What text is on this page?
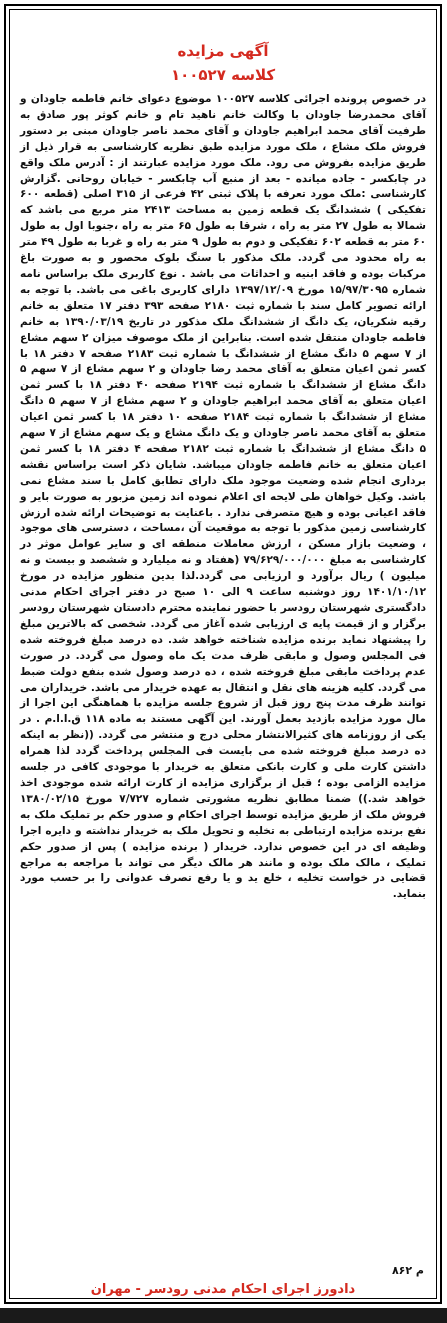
آگهی مزایده
کلاسه ۱۰۰۵۲۷
در خصوص پرونده اجرائی کلاسه ۱۰۰۵۲۷ موضوع دعوای خانم فاطمه جاودان و آقای محمدرضا جاودان با وکالت خانم ناهید تام و خانم کوثر پور صادق به طرفیت آقای محمد ابراهیم جاودان و آقای محمد ناصر جاودان مبنی بر دستور فروش ملک مشاع ، ملک مورد مزایده طبق نظریه کارشناسی به قرار ذیل از طریق مزایده بفروش می رود. ملک مورد مزایده عبارتند از : آدرس ملک واقع در چابکسر - جاده میانده - بعد از منبع آب چابکسر - خیابان روحانی .گزارش کارشناسی :ملک مورد تعرفه با پلاک ثبتی ۴۲ فرعی از ۳۱۵ اصلی (قطعه ۶۰۰ تفکیکی ) ششدانگ یک قطعه زمین به مساحت ۲۴۱۳ متر مربع می باشد که شمالا به طول ۲۷ متر به راه ، شرقا به طول ۶۵ متر به راه ،جنوبا اول به طول ۶۰ متر به قطعه ۶۰۲ تفکیکی و دوم به طول ۹ متر به راه و غربا به طول ۴۹ متر به راه محدود می گردد. ملک مذکور با سنگ بلوک محصور و به صورت باغ مرکبات بوده و فاقد ابنیه و احداثات می باشد . نوع کاربری ملک براساس نامه شماره ۱۵/۹۷/۳۰۹۵ مورخ ۱۳۹۷/۱۲/۰۹ دارای کاربری باغی می باشد. با توجه به ارائه تصویر کامل سند با شماره ثبت ۲۱۸۰ صفحه ۳۹۳ دفتر ۱۷ متعلق به خانم رقیه شکریان، یک دانگ از ششدانگ ملک مذکور در تاریخ ۱۳۹۰/۰۳/۱۹ به خانم فاطمه جاودان منتقل شده است. بنابراین از ملک موصوف میزان ۲ سهم مشاع از ۷ سهم ۵ دانگ مشاع از ششدانگ با شماره ثبت ۲۱۸۳ صفحه ۷ دفتر ۱۸ با کسر ثمن اعیان متعلق به آقای محمد رضا جاودان و ۲ سهم مشاع از ۷ سهم ۵ دانگ مشاع از ششدانگ با شماره ثبت ۲۱۹۴ صفحه ۴۰ دفتر ۱۸ با کسر ثمن اعیان متعلق به آقای محمد ابراهیم جاودان و ۲ سهم مشاع از ۷ سهم ۵ دانگ مشاع از ششدانگ با شماره ثبت ۲۱۸۴ صفحه ۱۰ دفتر ۱۸ با کسر ثمن اعیان متعلق به آقای محمد ناصر جاودان و یک دانگ مشاع و یک سهم مشاع از ۷ سهم ۵ دانگ مشاع از ششدانگ با شماره ثبت ۲۱۸۲ صفحه ۴ دفتر ۱۸ با کسر ثمن اعیان متعلق به خانم فاطمه جاودان میباشد. شایان ذکر است براساس نقشه برداری انجام شده وضعیت موجود ملک دارای تطابق کامل با سند مشاع نمی باشد. وکیل خواهان طی لایحه ای اعلام نموده اند زمین مزبور به صورت بایر و فاقد اعیانی بوده و هیچ متصرفی ندارد . باعنایت به توضیحات ارائه شده ارزش کارشناسی زمین مذکور با توجه به موقعیت آن ،مساحت ، دسترسی های موجود ، وضعیت بازار مسکن ، ارزش معاملات منطقه ای و سایر عوامل موثر در کارشناسی به مبلغ ۷۹/۶۲۹/۰۰۰/۰۰۰ (هفتاد و نه میلیارد و ششصد و بیست و نه میلیون ) ریال برآورد و ارزیابی می گردد.لذا بدین منظور مزایده در مورخ ۱۴۰۱/۱۰/۱۲ روز دوشنبه ساعت ۹ الی ۱۰ صبح در دفتر اجرای احکام مدنی دادگستری شهرستان رودسر با حضور نماینده محترم دادستان شهرستان رودسر برگزار و از قیمت پایه ی ارزیابی شده آغاز می گردد. شخصی که بالاترین مبلغ را پیشنهاد نماید برنده مزایده شناخته خواهد شد. ده درصد مبلغ فروخته شده فی المجلس وصول و مابقی ظرف مدت یک ماه وصول می گردد. در صورت عدم پرداخت مابقی مبلغ فروخته شده ، ده درصد وصول شده بنفع دولت ضبط می گردد. کلیه هزینه های نقل و انتقال به عهده خریدار می باشد. خریداران می توانند ظرف مدت پنج روز قبل از شروع جلسه مزایده با هماهنگی این اجرا از مال مورد مزایده بازدید بعمل آورند. این آگهی مستند به ماده ۱۱۸ ق.ا.ا.م . در یکی از روزنامه های کثیرالانتشار محلی درج و منتشر می گردد. ((نظر به اینکه ده درصد مبلغ فروخته شده می بایست فی المجلس پرداخت گردد لذا همراه داشتن کارت ملی و کارت بانکی متعلق به خریدار با موجودی کافی در جلسه مزایده الزامی بوده ؛ قبل از برگزاری مزایده از کارت ارائه شده موجودی اخذ خواهد شد.)) ضمنا مطابق نظریه مشورتی شماره ۷/۷۲۷ مورخ ۱۳۸۰/۰۲/۱۵ فروش ملک از طریق مزایده توسط اجرای احکام و صدور حکم بر تملیک ملک به نفع برنده مزایده ارتباطی به تخلیه و تحویل ملک به خریدار نداشته و دایره اجرا وظیفه ای در این خصوص ندارد. خریدار ( برنده مزایده ) پس از صدور حکم تملیک ، مالک ملک بوده و مانند هر مالک دیگر می تواند با مراجعه به مراجع قضایی در خواست تخلیه ، خلع ید و یا رفع تصرف عدوانی را بر حسب مورد بنماید.
م ۸۶۲
دادورز اجرای احکام مدنی رودسر - مهران
